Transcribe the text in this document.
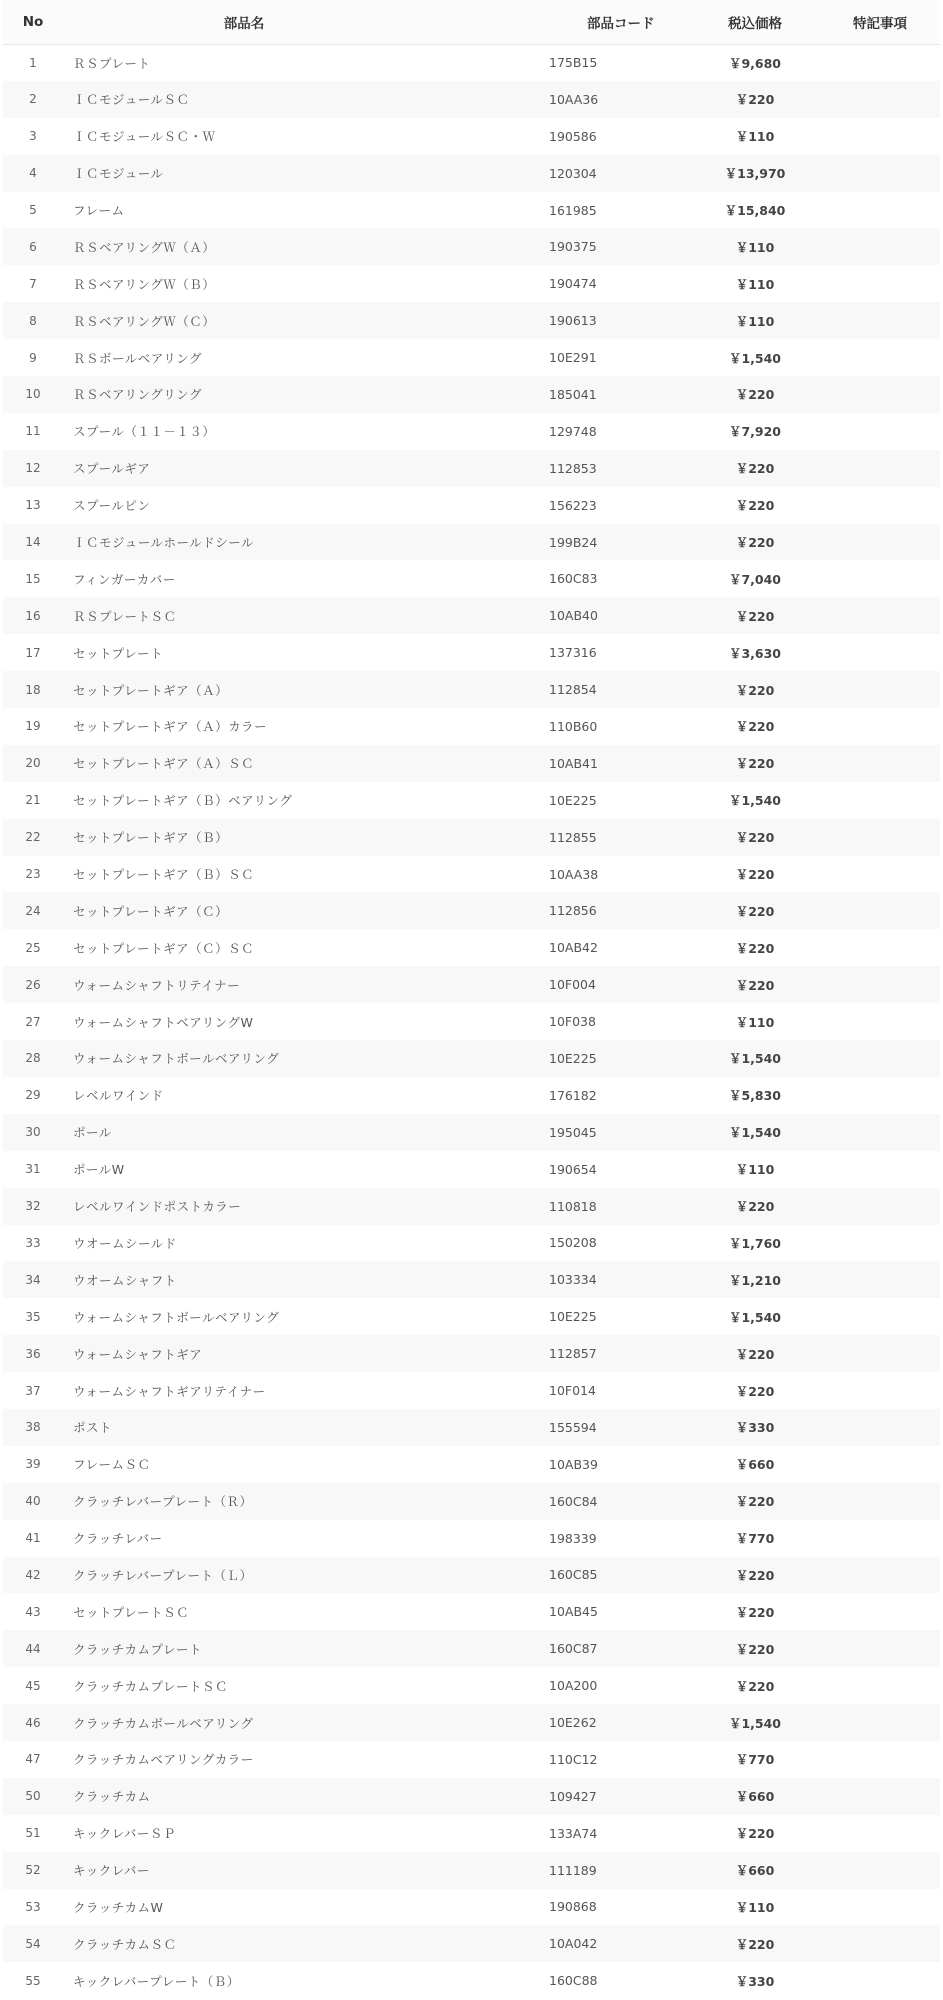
No	部品名	部品コード	税込価格	特記事項
1	ＲＳプレート	175B15	￥9,680	
2	ＩＣモジュールＳＣ	10AA36	￥220	
3	ＩＣモジュールＳＣ・Ｗ	190586	￥110	
4	ＩＣモジュール	120304	￥13,970	
5	フレーム	161985	￥15,840	
6	ＲＳベアリングＷ（Ａ）	190375	￥110	
7	ＲＳベアリングＷ（Ｂ）	190474	￥110	
8	ＲＳベアリングＷ（Ｃ）	190613	￥110	
9	ＲＳボールベアリング	10E291	￥1,540	
10	ＲＳベアリングリング	185041	￥220	
11	スプール（１１－１３）	129748	￥7,920	
12	スプールギア	112853	￥220	
13	スプールピン	156223	￥220	
14	ＩＣモジュールホールドシール	199B24	￥220	
15	フィンガーカバー	160C83	￥7,040	
16	ＲＳプレートＳＣ	10AB40	￥220	
17	セットプレート	137316	￥3,630	
18	セットプレートギア（Ａ）	112854	￥220	
19	セットプレートギア（Ａ）カラー	110B60	￥220	
20	セットプレートギア（Ａ）ＳＣ	10AB41	￥220	
21	セットプレートギア（Ｂ）ベアリング	10E225	￥1,540	
22	セットプレートギア（Ｂ）	112855	￥220	
23	セットプレートギア（Ｂ）ＳＣ	10AA38	￥220	
24	セットプレートギア（Ｃ）	112856	￥220	
25	セットプレートギア（Ｃ）ＳＣ	10AB42	￥220	
26	ウォームシャフトリテイナー	10F004	￥220	
27	ウォームシャフトベアリングW	10F038	￥110	
28	ウォームシャフトボールベアリング	10E225	￥1,540	
29	レベルワインド	176182	￥5,830	
30	ポール	195045	￥1,540	
31	ポールW	190654	￥110	
32	レベルワインドポストカラー	110818	￥220	
33	ウオームシールド	150208	￥1,760	
34	ウオームシャフト	103334	￥1,210	
35	ウォームシャフトボールベアリング	10E225	￥1,540	
36	ウォームシャフトギア	112857	￥220	
37	ウォームシャフトギアリテイナー	10F014	￥220	
38	ポスト	155594	￥330	
39	フレームＳＣ	10AB39	￥660	
40	クラッチレバープレート（Ｒ）	160C84	￥220	
41	クラッチレバー	198339	￥770	
42	クラッチレバープレート（Ｌ）	160C85	￥220	
43	セットプレートＳＣ	10AB45	￥220	
44	クラッチカムプレート	160C87	￥220	
45	クラッチカムプレートＳＣ	10A200	￥220	
46	クラッチカムボールベアリング	10E262	￥1,540	
47	クラッチカムベアリングカラー	110C12	￥770	
50	クラッチカム	109427	￥660	
51	キックレバーＳＰ	133A74	￥220	
52	キックレバー	111189	￥660	
53	クラッチカムW	190868	￥110	
54	クラッチカムＳＣ	10A042	￥220	
55	キックレバープレート（Ｂ）	160C88	￥330	
